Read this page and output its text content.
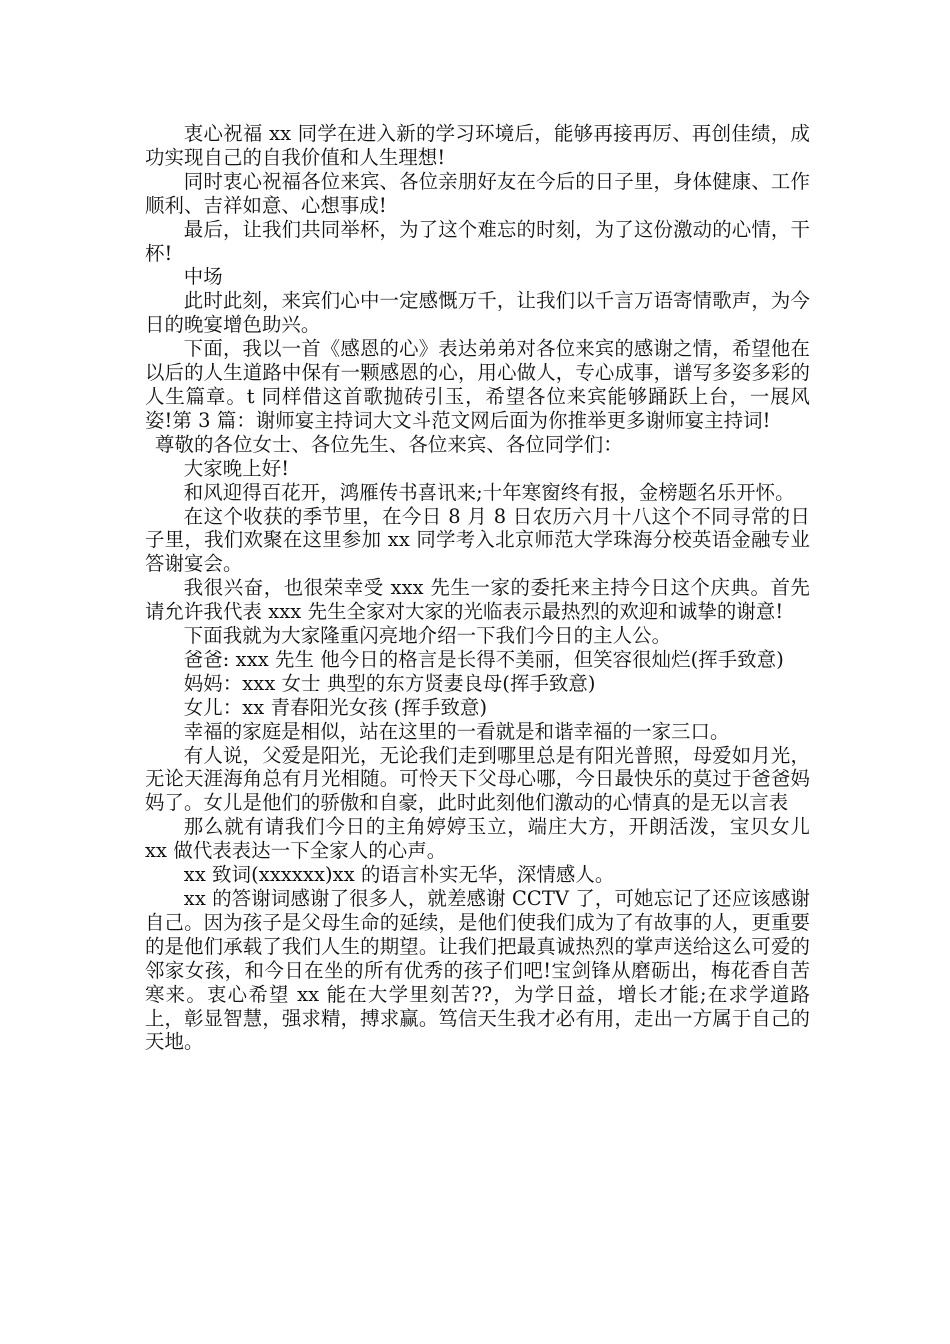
衷心祝福 xx 同学在进入新的学习环境后，能够再接再厉、再创佳绩，成功实现自己的自我价值和人生理想!

同时衷心祝福各位来宾、各位亲朋好友在今后的日子里，身体健康、工作顺利、吉祥如意、心想事成!

最后，让我们共同举杯，为了这个难忘的时刻，为了这份激动的心情，干杯!

中场

此时此刻，来宾们心中一定感慨万千，让我们以千言万语寄情歌声，为今日的晚宴增色助兴。

下面，我以一首《感恩的心》表达弟弟对各位来宾的感谢之情，希望他在以后的人生道路中保有一颗感恩的心，用心做人，专心成事，谱写多姿多彩的人生篇章。t 同样借这首歌抛砖引玉，希望各位来宾能够踊跃上台，一展风姿!第 3 篇：谢师宴主持词大文斗范文网后面为你推举更多谢师宴主持词!

尊敬的各位女士、各位先生、各位来宾、各位同学们：

大家晚上好!

和风迎得百花开，鸿雁传书喜讯来;十年寒窗终有报，金榜题名乐开怀。

在这个收获的季节里，在今日 8 月 8 日农历六月十八这个不同寻常的日子里，我们欢聚在这里参加 xx 同学考入北京师范大学珠海分校英语金融专业答谢宴会。

我很兴奋，也很荣幸受 xxx 先生一家的委托来主持今日这个庆典。首先请允许我代表 xxx 先生全家对大家的光临表示最热烈的欢迎和诚挚的谢意!

下面我就为大家隆重闪亮地介绍一下我们今日的主人公。

爸爸: xxx 先生 他今日的格言是长得不美丽，但笑容很灿烂(挥手致意)

妈妈：xxx 女士 典型的东方贤妻良母(挥手致意)

女儿：xx 青春阳光女孩 (挥手致意)

幸福的家庭是相似，站在这里的一看就是和谐幸福的一家三口。

有人说，父爱是阳光，无论我们走到哪里总是有阳光普照，母爱如月光，无论天涯海角总有月光相随。可怜天下父母心哪，今日最快乐的莫过于爸爸妈妈了。女儿是他们的骄傲和自豪，此时此刻他们激动的心情真的是无以言表

那么就有请我们今日的主角婷婷玉立，端庄大方，开朗活泼，宝贝女儿 xx 做代表表达一下全家人的心声。

xx 致词(xxxxxx)xx 的语言朴实无华，深情感人。

xx 的答谢词感谢了很多人，就差感谢 CCTV 了，可她忘记了还应该感谢自己。因为孩子是父母生命的延续，是他们使我们成为了有故事的人，更重要的是他们承载了我们人生的期望。让我们把最真诚热烈的掌声送给这么可爱的邻家女孩，和今日在坐的所有优秀的孩子们吧!宝剑锋从磨砺出，梅花香自苦寒来。衷心希望 xx 能在大学里刻苦??，为学日益，增长才能;在求学道路上，彰显智慧，强求精，搏求赢。笃信天生我才必有用，走出一方属于自己的天地。
